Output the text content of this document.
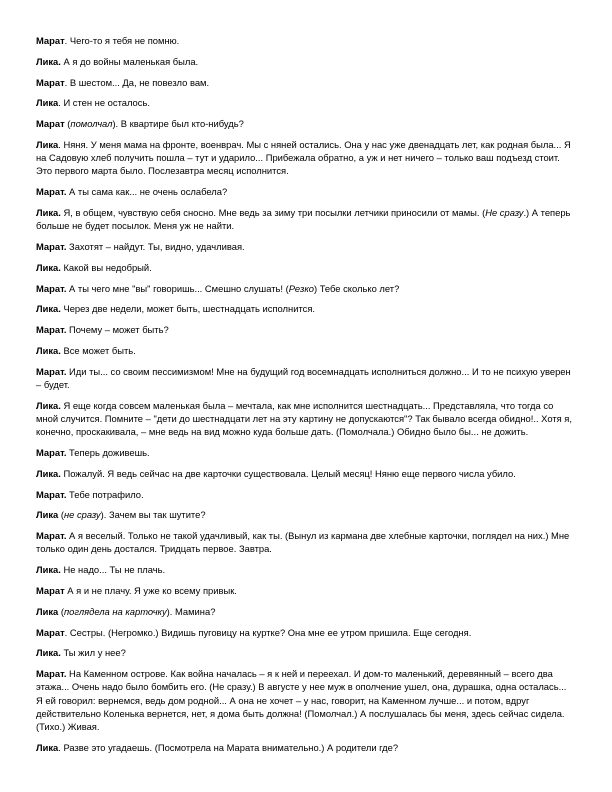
Марат. Чего-то я тебя не помню.

Лика. А я до войны маленькая была.

Марат. В шестом... Да, не повезло вам.

Лика. И стен не осталось.

Марат (помолчал). В квартире был кто-нибудь?

Лика. Няня. У меня мама на фронте, военврач. Мы с няней остались. Она у нас уже двенадцать лет, как родная была... Я на Садовую хлеб получить пошла – тут и ударило... Прибежала обратно, а уж и нет ничего – только ваш подъезд стоит. Это первого марта было. Послезавтра месяц исполнится.

Марат. А ты сама как... не очень ослабела?

Лика. Я, в общем, чувствую себя сносно. Мне ведь за зиму три посылки летчики приносили от мамы. (Не сразу.) А теперь больше не будет посылок. Меня уж не найти.

Марат. Захотят – найдут. Ты, видно, удачливая.

Лика. Какой вы недобрый.

Марат. А ты чего мне "вы" говоришь... Смешно слушать! (Резко) Тебе сколько лет?

Лика. Через две недели, может быть, шестнадцать исполнится.

Марат. Почему – может быть?

Лика. Все может быть.

Марат. Иди ты... со своим пессимизмом! Мне на будущий год восемнадцать исполниться должно... И то не психую уверен – будет.

Лика. Я еще когда совсем маленькая была – мечтала, как мне исполнится шестнадцать... Представляла, что тогда со мной случится. Помните – "дети до шестнадцати лет на эту картину не допускаются"? Так бывало всегда обидно!.. Хотя я, конечно, проскакивала, – мне ведь на вид можно куда больше дать. (Помолчала.) Обидно было бы... не дожить.

Марат. Теперь доживешь.

Лика. Пожалуй. Я ведь сейчас на две карточки существовала. Целый месяц! Няню еще первого числа убило.

Марат. Тебе потрафило.

Лика (не сразу). Зачем вы так шутите?

Марат. А я веселый. Только не такой удачливый, как ты. (Вынул из кармана две хлебные карточки, поглядел на них.) Мне только один день достался. Тридцать первое. Завтра.

Лика. Не надо... Ты не плачь.

Марат А я и не плачу. Я уже ко всему привык.

Лика (поглядела на карточку). Мамина?

Марат. Сестры. (Негромко.) Видишь пуговицу на куртке? Она мне ее утром пришила. Еще сегодня.

Лика. Ты жил у нее?

Марат. На Каменном острове. Как война началась – я к ней и переехал. И дом-то маленький, деревянный – всего два этажа... Очень надо было бомбить его. (Не сразу.) В августе у нее муж в ополчение ушел, она, дурашка, одна осталась... Я ей говорил: вернемся, ведь дом родной... А она не хочет – у нас, говорит, на Каменном лучше... и потом, вдруг действительно Коленька вернется, нет, я дома быть должна! (Помолчал.) А послушалась бы меня, здесь сейчас сидела. (Тихо.) Живая.

Лика. Разве это угадаешь. (Посмотрела на Марата внимательно.) А родители где?
